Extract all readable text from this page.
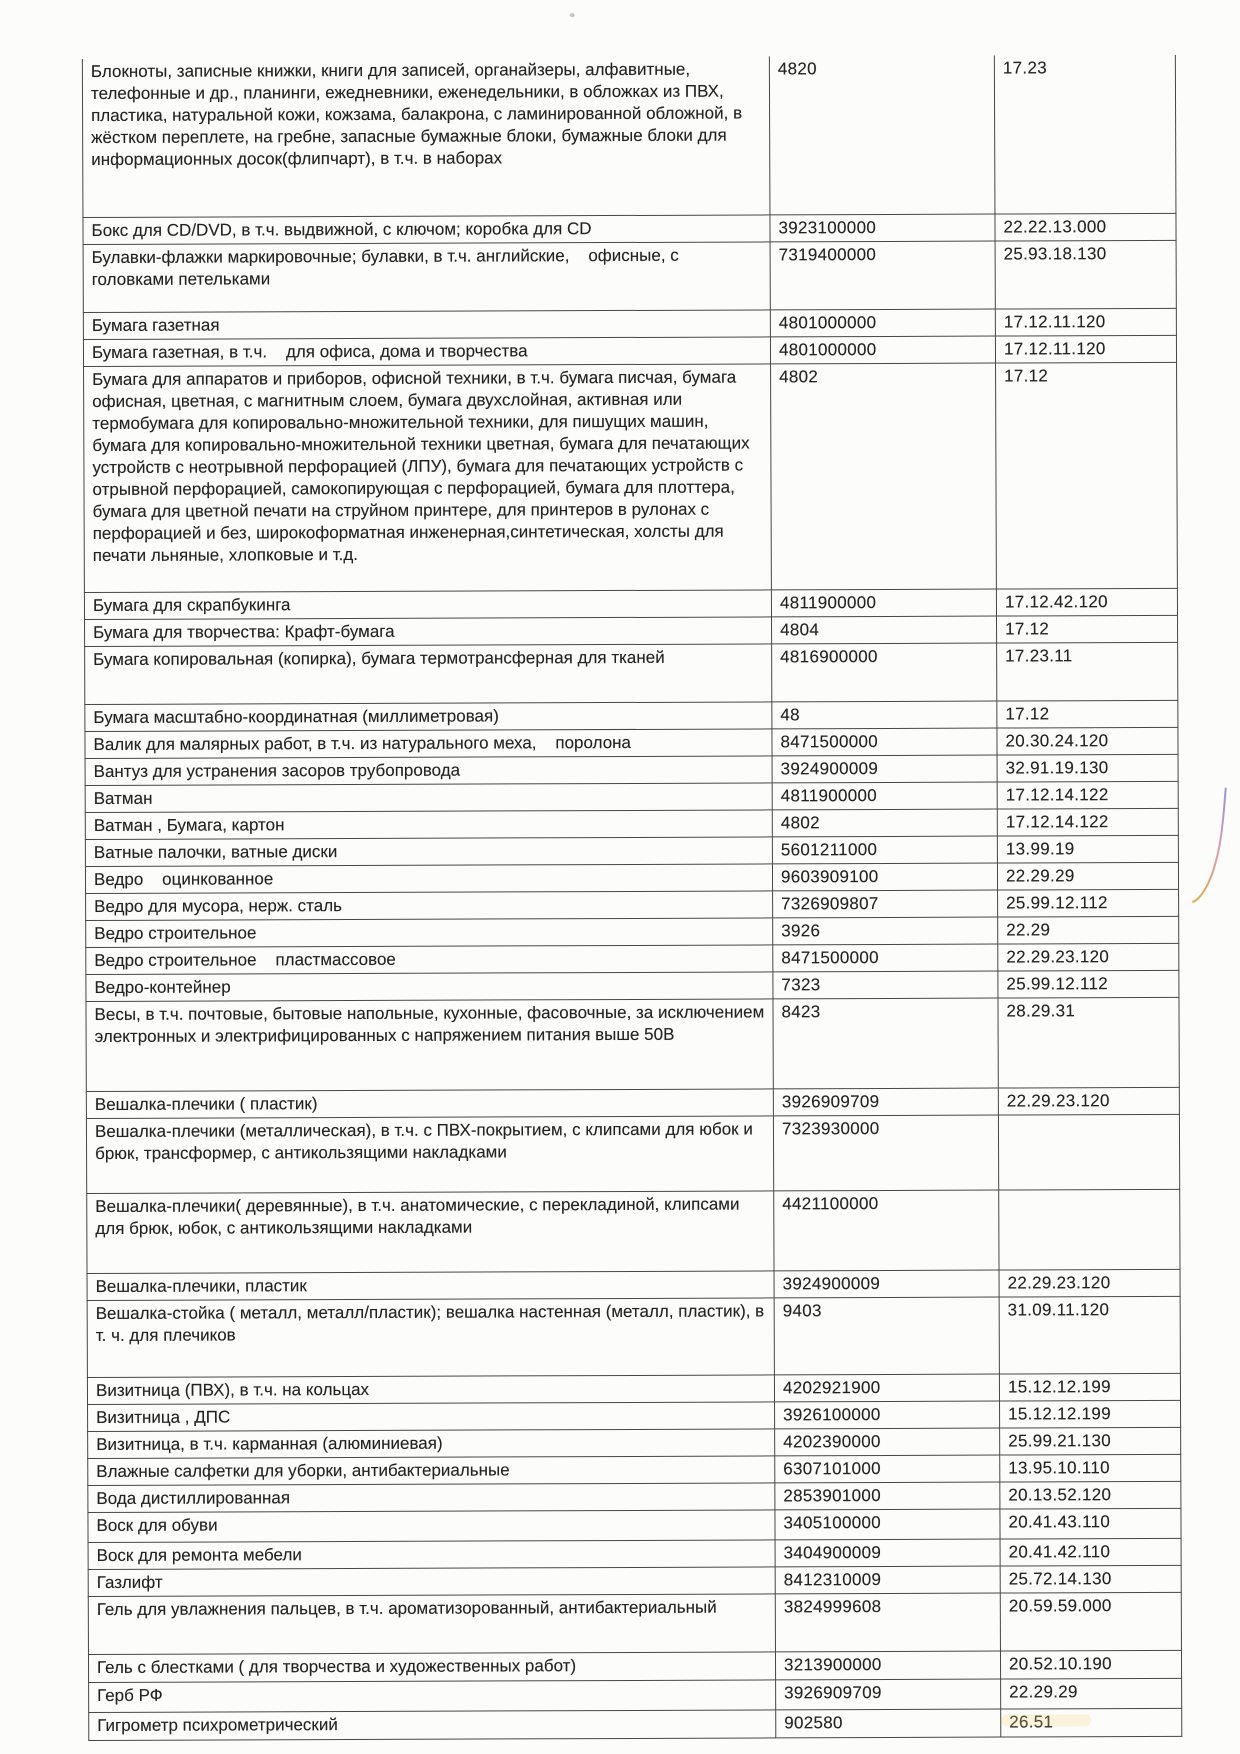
Блокноты, записные книжки, книги для записей, органайзеры, алфавитные, телефонные и др., планинги, ежедневники, еженедельники, в обложках из ПВХ, пластика, натуральной кожи, кожзама, балакрона, с ламинированной обложной, в жёстком переплете, на гребне, запасные бумажные блоки, бумажные блоки для информационных досок(флипчарт), в т.ч. в наборах	4820	17.23
Бокс для CD/DVD, в т.ч. выдвижной, с ключом; коробка для CD	3923100000	22.22.13.000
Булавки-флажки маркировочные; булавки, в т.ч. английские,    офисные, с головками петельками	7319400000	25.93.18.130
Бумага газетная	4801000000	17.12.11.120
Бумага газетная, в т.ч.    для офиса, дома и творчества	4801000000	17.12.11.120
Бумага для аппаратов и приборов, офисной техники, в т.ч. бумага писчая, бумага офисная, цветная, с магнитным слоем, бумага двухслойная, активная или термобумага для копировально-множительной техники, для пишущих машин, бумага для копировально-множительной техники цветная, бумага для печатающих устройств с неотрывной перфорацией (ЛПУ), бумага для печатающих устройств с отрывной перфорацией, самокопирующая с перфорацией, бумага для плоттера, бумага для цветной печати на струйном принтере, для принтеров в рулонах с перфорацией и без, широкоформатная инженерная,синтетическая, холсты для печати льняные, хлопковые и т.д.	4802	17.12
Бумага для скрапбукинга	4811900000	17.12.42.120
Бумага для творчества: Крафт-бумага	4804	17.12
Бумага копировальная (копирка), бумага термотрансферная для тканей	4816900000	17.23.11
Бумага масштабно-координатная (миллиметровая)	48	17.12
Валик для малярных работ, в т.ч. из натурального меха,    поролона	8471500000	20.30.24.120
Вантуз для устранения засоров трубопровода	3924900009	32.91.19.130
Ватман	4811900000	17.12.14.122
Ватман , Бумага, картон	4802	17.12.14.122
Ватные палочки, ватные диски	5601211000	13.99.19
Ведро    оцинкованное	9603909100	22.29.29
Ведро для мусора, нерж. сталь	7326909807	25.99.12.112
Ведро строительное	3926	22.29
Ведро строительное    пластмассовое	8471500000	22.29.23.120
Ведро-контейнер	7323	25.99.12.112
Весы, в т.ч. почтовые, бытовые напольные, кухонные, фасовочные, за исключением электронных и электрифицированных с напряжением питания выше 50В	8423	28.29.31
Вешалка-плечики ( пластик)	3926909709	22.29.23.120
Вешалка-плечики (металлическая), в т.ч. с ПВХ-покрытием, с клипсами для юбок и брюк, трансформер, с антикользящими накладками	7323930000	
Вешалка-плечики( деревянные), в т.ч. анатомические, с перекладиной, клипсами для брюк, юбок, с антикользящими накладками	4421100000	
Вешалка-плечики, пластик	3924900009	22.29.23.120
Вешалка-стойка ( металл, металл/пластик); вешалка настенная (металл, пластик), в т. ч. для плечиков	9403	31.09.11.120
Визитница (ПВХ), в т.ч. на кольцах	4202921900	15.12.12.199
Визитница , ДПС	3926100000	15.12.12.199
Визитница, в т.ч. карманная (алюминиевая)	4202390000	25.99.21.130
Влажные салфетки для уборки, антибактериальные	6307101000	13.95.10.110
Вода дистиллированная	2853901000	20.13.52.120
Воск для обуви	3405100000	20.41.43.110
Воск для ремонта мебели	3404900009	20.41.42.110
Газлифт	8412310009	25.72.14.130
Гель для увлажнения пальцев, в т.ч. ароматизорованный, антибактериальный	3824999608	20.59.59.000
Гель с блестками ( для творчества и художественных работ)	3213900000	20.52.10.190
Герб РФ	3926909709	22.29.29
Гигрометр психрометрический	902580	26.51
